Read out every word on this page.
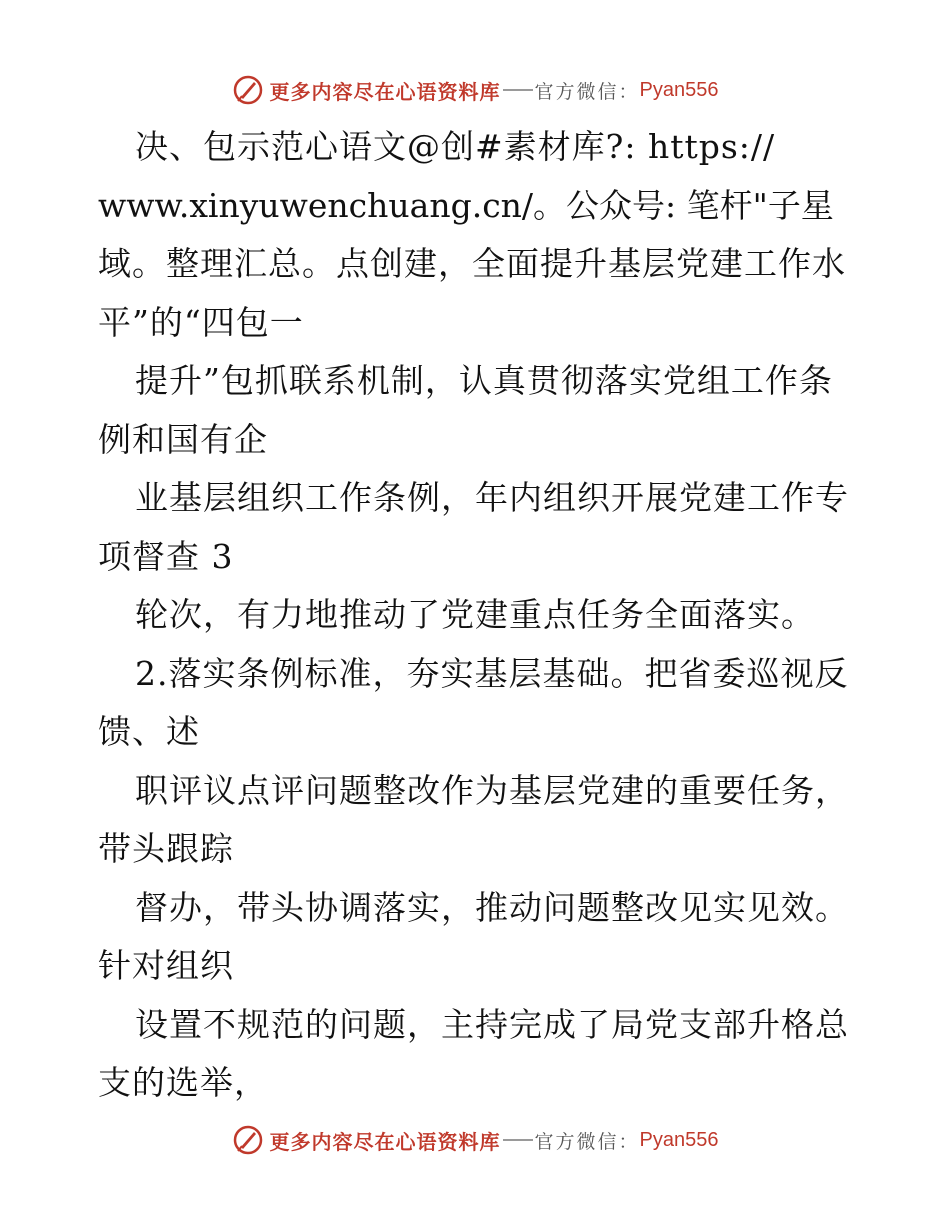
更多内容尽在心语资料库 官方微信： Pyan556
决、包示范心语文@创#素材库?: https://
www.xinyuwenchuang.cn/。公众号: 笔杆"子星
域。整理汇总。点创建，全面提升基层党建工作水
平”的“四包一
提升”包抓联系机制，认真贯彻落实党组工作条
例和国有企
业基层组织工作条例，年内组织开展党建工作专
项督查 3
轮次，有力地推动了党建重点任务全面落实。
2.落实条例标准，夯实基层基础。把省委巡视反
馈、述
职评议点评问题整改作为基层党建的重要任务，
带头跟踪
督办，带头协调落实，推动问题整改见实见效。
针对组织
设置不规范的问题，主持完成了局党支部升格总
支的选举，
更多内容尽在心语资料库 官方微信： Pyan556
